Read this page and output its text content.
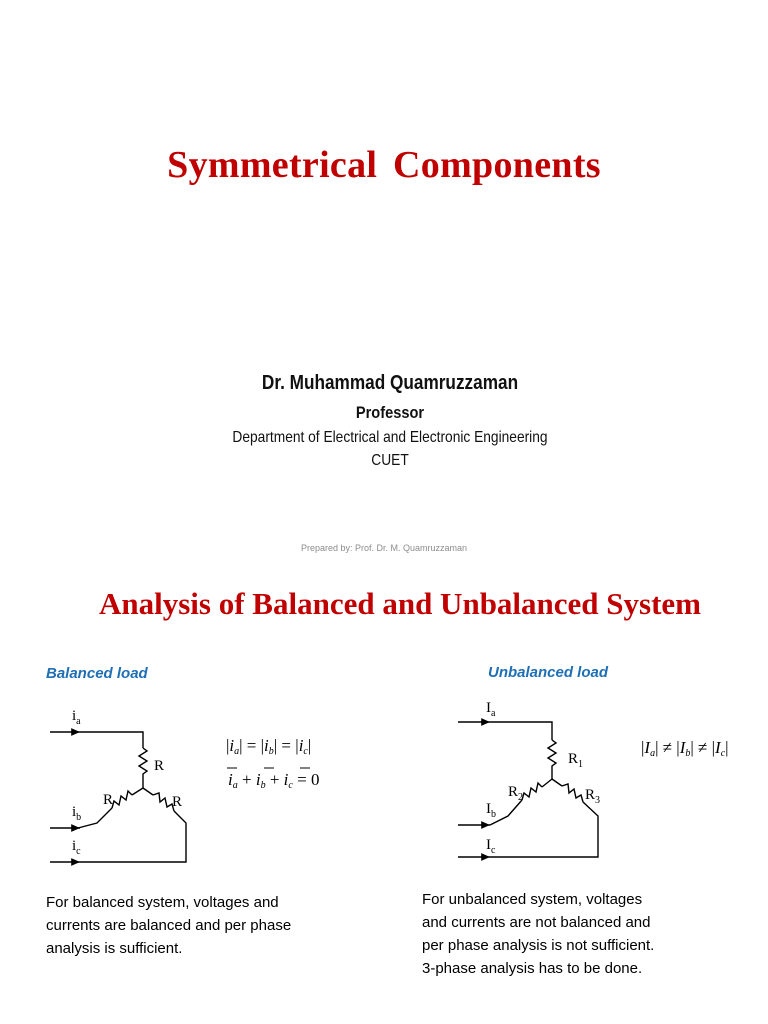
Symmetrical Components
Dr. Muhammad Quamruzzaman
Professor
Department of Electrical and Electronic Engineering
CUET
Prepared by: Prof. Dr. M. Quamruzzaman
Analysis of Balanced and Unbalanced System
Balanced load	Unbalanced load
$i_a$
$i_b$
$i_c$
R
R	R
|ia| = |ib| = |ic|
ia + ib + ic = 0
$I_a$
$I_b$
$I_c$
$R_1$
$R_2$	$R_3$
|Ia| ≠ |Ib| ≠ |Ic|
For balanced system, voltages and
currents are balanced and per phase
analysis is sufficient.
For unbalanced system, voltages
and currents are not balanced and
per phase analysis is not sufficient.
3-phase analysis has to be done.
